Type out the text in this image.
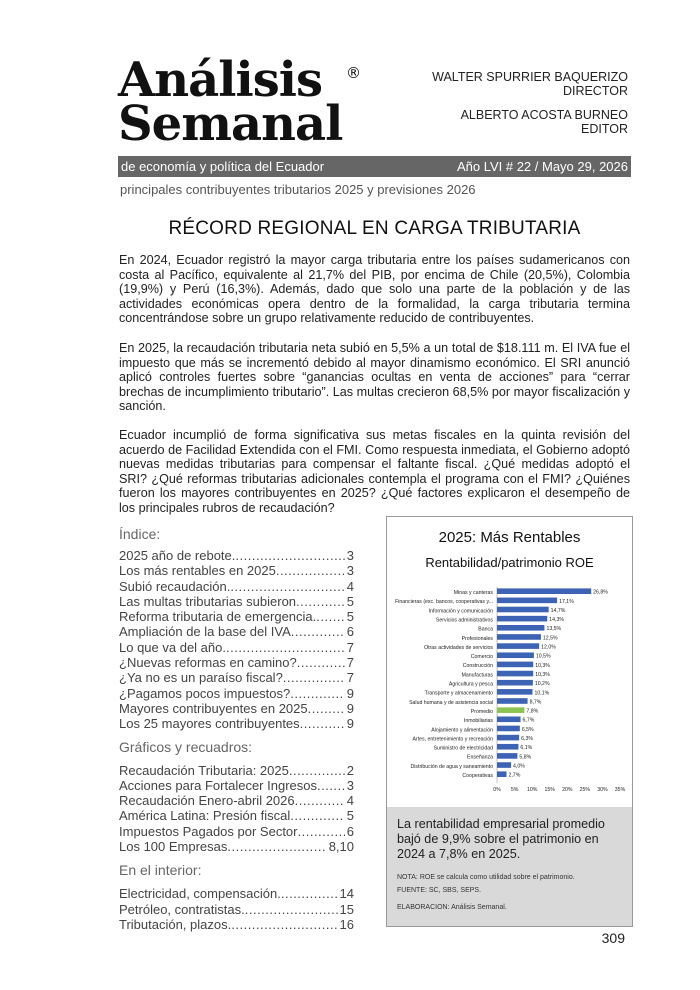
Análisis
Semanal
®	WALTER SPURRIER BAQUERIZO
DIRECTOR
ALBERTO ACOSTA BURNEO
EDITOR
de economía y política del Ecuador	Año LVI # 22 / Mayo 29, 2026
principales contribuyentes tributarios 2025 y previsiones 2026
RÉCORD REGIONAL EN CARGA TRIBUTARIA
En 2024, Ecuador registró la mayor carga tributaria entre los países sudamericanos con costa al Pacífico, equivalente al 21,7% del PIB, por encima de Chile (20,5%), Colombia (19,9%) y Perú (16,3%). Además, dado que solo una parte de la población y de las actividades económicas opera dentro de la formalidad, la carga tributaria termina concentrándose sobre un grupo relativamente reducido de contribuyentes.
En 2025, la recaudación tributaria neta subió en 5,5% a un total de $18.111 m. El IVA fue el impuesto que más se incrementó debido al mayor dinamismo económico. El SRI anunció aplicó controles fuertes sobre “ganancias ocultas en venta de acciones” para “cerrar brechas de incumplimiento tributario”. Las multas crecieron 68,5% por mayor fiscalización y sanción.
Ecuador incumplió de forma significativa sus metas fiscales en la quinta revisión del acuerdo de Facilidad Extendida con el FMI. Como respuesta inmediata, el Gobierno adoptó nuevas medidas tributarias para compensar el faltante fiscal. ¿Qué medidas adoptó el SRI? ¿Qué reformas tributarias adicionales contempla el programa con el FMI? ¿Quiénes fueron los mayores contribuyentes en 2025? ¿Qué factores explicaron el desempeño de los principales rubros de recaudación?
Índice:
2025 año de rebote. .....	3
Los más rentables en 2025 .....	3
Subió recaudación. .....	4
Las multas tributarias subieron .....	5
Reforma tributaria de emergencia. ..... 5
Ampliación de la base del IVA .....	6
Lo que va del año. .....	7
¿Nuevas reformas en camino? .....	7
¿Ya no es un paraíso fiscal? .....	7
¿Pagamos pocos impuestos? .....	9
Mayores contribuyentes en 2025 .....	9
Los 25 mayores contribuyentes .....	9
Gráficos y recuadros:
Recaudación Tributaria: 2025 .....	2
Acciones para Fortalecer Ingresos ..... 3
Recaudación Enero-abril 2026 .....	4
América Latina: Presión fiscal .....	5
Impuestos Pagados por Sector .....	6
Los 100 Empresas .....	8,10
En el interior:
Electricidad, compensación. .....	14
Petróleo, contratistas. .....	15
Tributación, plazos. .....	16
2025: Más Rentables
Rentabilidad/patrimonio ROE
Minas y canteras	26,8%
Financieras (exc. bancos, cooperativas y...	17,1%
Información y comunicación	14,7%
Servicios administrativos	14,3%
Banca	13,5%
Profesionales	12,5%
Otras actividades de servicios	12,0%
Comercio	10,5%
Construcción	10,3%
Manufacturas	10,3%
Agricultura y pesca	10,2%
Transporte y almacenamiento	10,1%
Salud humana y de asistencia social	8,7%
Promedio	7,8%
Inmobiliarias	6,7%
Alojamiento y alimentación	6,5%
Artes, entretenimiento y recreación	6,3%
Suministro de electricidad	6,1%
Enseñanza	5,8%
Distribución de agua y saneamiento	4,0%
Cooperativas	2,7%
0% 5% 10% 15% 20% 25% 30% 35%
La rentabilidad empresarial promedio bajó de 9,9% sobre el patrimonio en 2024 a 7,8% en 2025.
NOTA: ROE se calcula como utilidad sobre el patrimonio.
FUENTE: SC, SBS, SEPS.
ELABORACION: Análisis Semanal.
309
